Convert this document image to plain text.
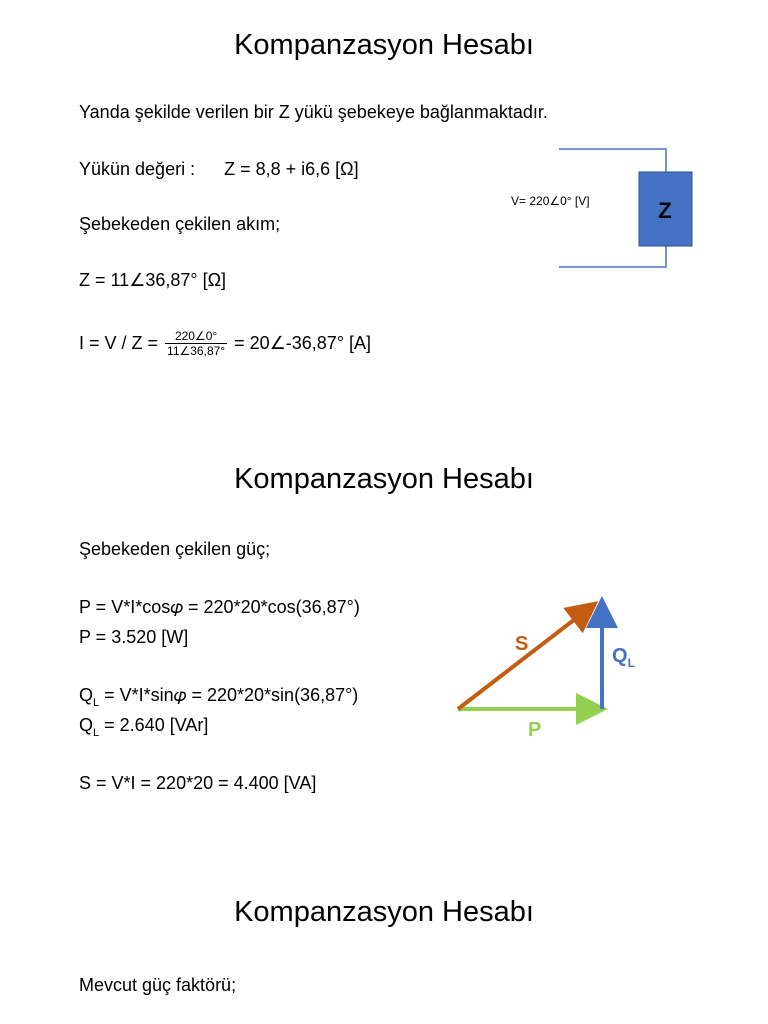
Kompanzasyon Hesabı
Yanda şekilde verilen bir Z yükü şebekeye bağlanmaktadır.
Yükün değeri : Z = 8,8 + i6,6 [Ω]
Şebekeden çekilen akım;
Z = 11∠36,87° [Ω]
$I = V / Z = \frac{220\angle 0^\circ}{11\angle 36,87^\circ}$ = 20∠-36,87° [A]
Z
V= 220∠0° [V]
Kompanzasyon Hesabı
Şebekeden çekilen güç;
P = V*I*cos𝜑 = 220*20*cos(36,87°)
P = 3.520 [W]
$Q_L$ = V*I*sin𝜑 = 220*20*sin(36,87°)
$Q_L = 2.640$ [VAr]
S = V*I = 220*20 = 4.400 [VA]
S
P
$Q_L$
Kompanzasyon Hesabı
Mevcut güç faktörü;
